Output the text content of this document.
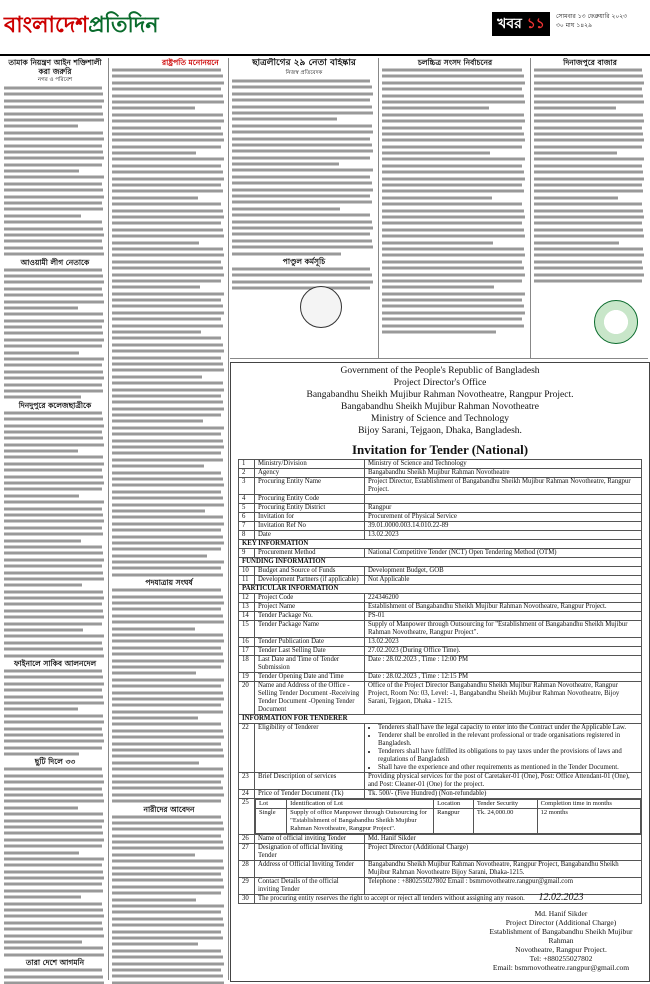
বাংলাদেশপ্রতিদিন	খবর ১১	সোমবার ১৩ ফেব্রুয়ারি ২০২৩
৩০ মাঘ ১৪২৯
তামাক নিয়ন্ত্রণ আইন শক্তিশালী করা জরুরি
নগর ও পরিবেশ
আওয়ামী লীগ নেতাকে
দিনদুপুরে কলেজছাত্রীকে
ফাইনালে সাকিব আলনদেল
ছুটি দিলে ৩৩
তারা দেশে আগমনি
রাষ্ট্রপতি মনোনয়নে
পদযাত্রায় সংঘর্ষ
নারীদের আবেদন
ছাত্রলীগের ২৯ নেতা বহিষ্কার
নিজস্ব প্রতিবেদক
পাণ্ডুল কর্মসূচি
চলচ্চিত্র সংসদ নির্বাচনের	দিনাজপুরে বাজার
Government of the People's Republic of Bangladesh
Project Director's Office
Bangabandhu Sheikh Mujibur Rahman Novotheatre, Rangpur Project.
Bangabandhu Sheikh Mujibur Rahman Novotheatre
Ministry of Science and Technology
Bijoy Sarani, Tejgaon, Dhaka, Bangladesh.
Invitation for Tender (National)
1	Ministry/Division	Ministry of Science and Technology
2	Agency	Bangabandhu Sheikh Mujibur Rahman Novotheatre
3	Procuring Entity Name	Project Director, Establishment of Bangabandhu Sheikh Mujibur Rahman Novotheatre, Rangpur Project.
4	Procuring Entity Code	
5	Procuring Entity District	Rangpur
6	Invitation for	Procurement of Physical Service
7	Invitation Ref No	39.01.0000.003.14.010.22-89
8	Date	13.02.2023
KEY INFORMATION
9	Procurement Method	National Competitive Tender (NCT) Open Tendering Method (OTM)
FUNDING INFORMATION
10	Budget and Source of Funds	Development Budget, GOB
11	Development Partners (if applicable)	Not Applicable
PARTICULAR INFORMATION
12	Project Code	224346200
13	Project Name	Establishment of Bangabandhu Sheikh Mujibur Rahman Novotheatre, Rangpur Project.
14	Tender Package No.	PS-01
15	Tender Package Name	Supply of Manpower through Outsourcing for "Establishment of Bangabandhu Sheikh Mujibur Rahman Novotheatre, Rangpur Project".
16	Tender Publication Date	13.02.2023
17	Tender Last Selling Date	27.02.2023 (During Office Time).
18	Last Date and Time of Tender Submission	Date : 28.02.2023 , Time : 12:00 PM
19	Tender Opening Date and Time	Date : 28.02.2023 , Time : 12:15 PM
20	Name and Address of the Office -Selling Tender Document -Receiving Tender Document -Opening Tender Document	Office of the Project Director Bangabandhu Sheikh Mujibur Rahman Novotheatre, Rangpur Project, Room No: 03, Level: -1, Bangabandhu Sheikh Mujibur Rahman Novotheatre, Bijoy Sarani, Tejgaon, Dhaka - 1215.
INFORMATION FOR TENDERER
22	Eligibility of Tenderer	
•Tenderers shall have the legal capacity to enter into the Contract under the Applicable Law.
• Tenderer shall be enrolled in the relevant professional or trade organisations registered in Bangladesh.
• Tenderers shall have fulfilled its obligations to pay taxes under the provisions of laws and regulations of Bangladesh
• Shall have the experience and other requirements as mentioned in the Tender Document.

23	Brief Description of services	Providing physical services for the post of Caretaker-01 (One), Post: Office Attendant-01 (One), and Post: Cleaner-01 (One) for the project.
24	Price of Tender Document (Tk)	Tk. 500/- (Five Hundred) (Non-refundable)
25	Lot	Identification of Lot	Location	Tender Security	Completion time in months
Single	Supply of office Manpower through Outsourcing for "Establishment of Bangabandhu Sheikh Mujibur Rahman Novotheatre, Rangpur Project".	Rangpur	Tk. 24,000.00	12 months

26	Name of official inviting Tender	Md. Hanif Sikder
27	Designation of official Inviting Tender	Project Director (Additional Charge)
28	Address of Official Inviting Tender	Bangabandhu Sheikh Mujibur Rahman Novotheatre, Rangpur Project, Bangabandhu Sheikh Mujibur Rahman Novotheatre Bijoy Sarani, Dhaka-1215.
29	Contact Details of the official inviting Tender	Telephone : +880255027802 Email : bsmrnovotheatre.rangpur@gmail.com
30	The procuring entity reserves the right to accept or reject all tenders without assigning any reason.	12.02.2023
Md. Hanif Sikder
Project Director (Additional Charge)
Establishment of Bangabandhu Sheikh Mujibur Rahman
Novotheatre, Rangpur Project.
Tel: +880255027802
Email: bsmrnovotheatre.rangpur@gmail.com
